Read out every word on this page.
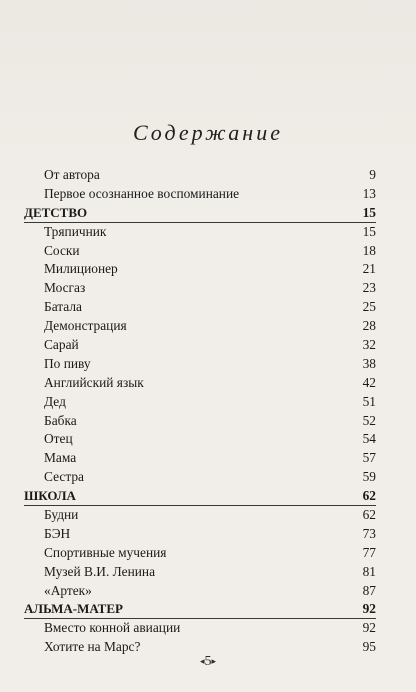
Содержание
От автора	9
Первое осознанное воспоминание	13
ДЕТСТВО	15
Тряпичник	15
Соски	18
Милиционер	21
Мосгаз	23
Батала	25
Демонстрация	28
Сарай	32
По пиву	38
Английский язык	42
Дед	51
Бабка	52
Отец	54
Мама	57
Сестра	59
ШКОЛА	62
Будни	62
БЭН	73
Спортивные мучения	77
Музей В.И. Ленина	81
«Артек»	87
АЛЬМА-МАТЕР	92
Вместо конной авиации	92
Хотите на Марс?	95
◂5▸
